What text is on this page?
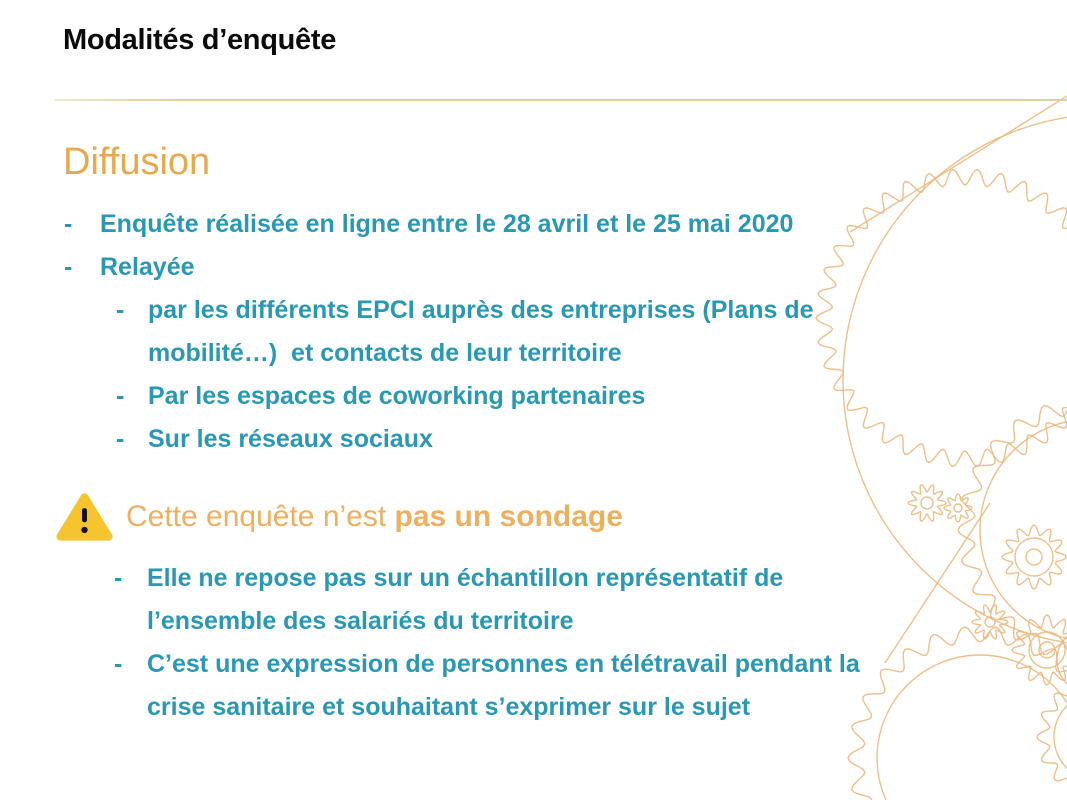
Modalités d’enquête
Diffusion
-	Enquête réalisée en ligne entre le 28 avril et le 25 mai 2020
-	Relayée
- par les différents EPCI auprès des entreprises (Plans de
mobilité…)  et contacts de leur territoire
- Par les espaces de coworking partenaires
- Sur les réseaux sociaux
Cette enquête n’est pas un sondage
- Elle ne repose pas sur un échantillon représentatif de
l’ensemble des salariés du territoire
- C’est une expression de personnes en télétravail pendant la
crise sanitaire et souhaitant s’exprimer sur le sujet
